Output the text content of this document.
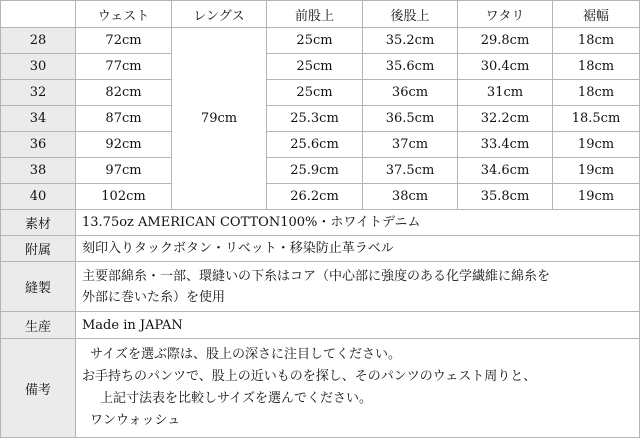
	ウェスト	レングス	前股上	後股上	ワタリ	裾幅
28	72cm	79cm	25cm	35.2cm	29.8cm	18cm
30	77cm		25cm	35.6cm	30.4cm	18cm
32	82cm		25cm	36cm	31cm	18cm
34	87cm		25.3cm	36.5cm	32.2cm	18.5cm
36	92cm		25.6cm	37cm	33.4cm	19cm
38	97cm		25.9cm	37.5cm	34.6cm	19cm
40	102cm		26.2cm	38cm	35.8cm	19cm
素材	13.75oz AMERICAN COTTON100%・ホワイトデニム					
附属	刻印入りタックボタン・リベット・移染防止革ラベル					
縫製	主要部綿糸・一部、環縫いの下糸はコア（中心部に強度のある化学繊維に綿糸を
外部に巻いた糸）を使用					

生産	Made in JAPAN					
備考	サイズを選ぶ際は、股上の深さに注目してください。
お手持ちのパンツで、股上の近いものを探し、そのパンツのウェスト周りと、
上記寸法表を比較しサイズを選んでください。
ワンウォッシュ					
